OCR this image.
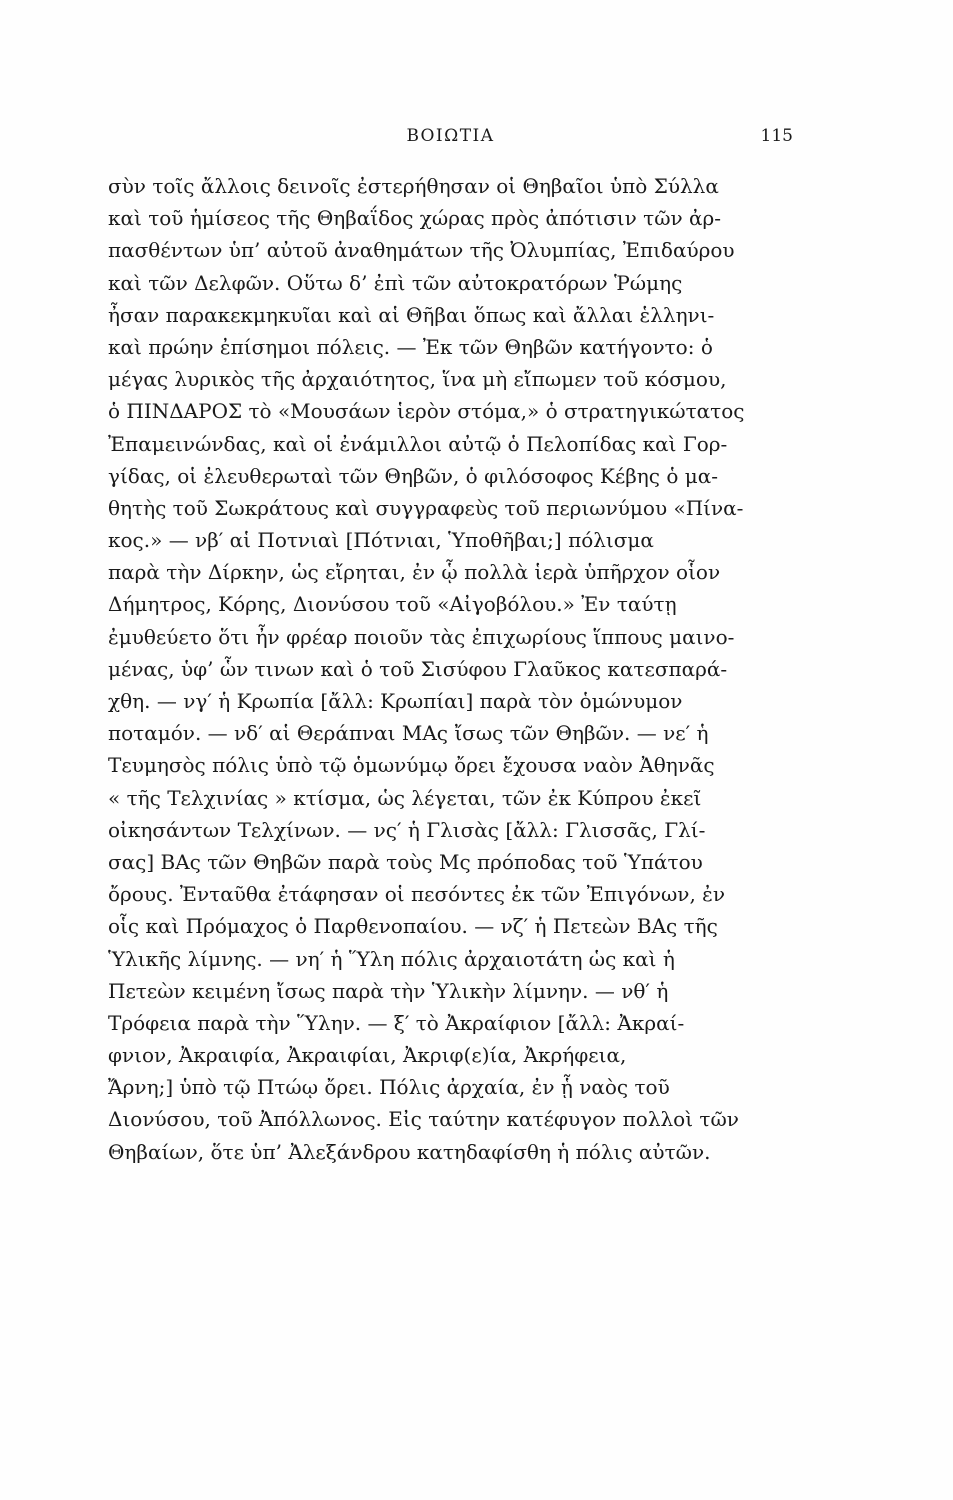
ΒΟΙΩΤΙΑ	115
σὺν τοῖς ἄλλοις δεινοῖς ἐστερήθησαν οἱ Θηβαῖοι ὑπὸ Σύλλα
καὶ τοῦ ἡμίσεος τῆς Θηβαΐδος χώρας πρὸς ἀπότισιν τῶν ἀρ-
πασθέντων ὑπ’ αὐτοῦ ἀναθημάτων τῆς Ὀλυμπίας, Ἐπιδαύρου
καὶ τῶν Δελφῶν. Οὕτω δ’ ἐπὶ τῶν αὐτοκρατόρων Ῥώμης
ἦσαν παρακεκμηκυῖαι καὶ αἱ Θῆβαι ὅπως καὶ ἄλλαι ἑλληνι-
καὶ πρώην ἐπίσημοι πόλεις. — Ἐκ τῶν Θηβῶν κατήγοντο: ὁ
μέγας λυρικὸς τῆς ἀρχαιότητος, ἵνα μὴ εἴπωμεν τοῦ κόσμου,
ὁ ΠΙΝΔΑΡΟΣ τὸ «Μουσάων ἱερὸν στόμα,» ὁ στρατηγικώτατος
Ἐπαμεινώνδας, καὶ οἱ ἐνάμιλλοι αὐτῷ ὁ Πελοπίδας καὶ Γορ-
γίδας, οἱ ἐλευθερωταὶ τῶν Θηβῶν, ὁ φιλόσοφος Κέβης ὁ μα-
θητὴς τοῦ Σωκράτους καὶ συγγραφεὺς τοῦ περιωνύμου «Πίνα-
κος.» — νβ′ αἱ Ποτνιαὶ [Πότνιαι, Ὑποθῆβαι;] πόλισμα
παρὰ τὴν Δίρκην, ὡς εἴρηται, ἐν ᾧ πολλὰ ἱερὰ ὑπῆρχον οἷον
Δήμητρος, Κόρης, Διονύσου τοῦ «Αἰγοβόλου.» Ἐν ταύτῃ
ἐμυθεύετο ὅτι ἦν φρέαρ ποιοῦν τὰς ἐπιχωρίους ἵππους μαινο-
μένας, ὑφ’ ὧν τινων καὶ ὁ τοῦ Σισύφου Γλαῦκος κατεσπαρά-
χθη. — νγ′ ἡ Κρωπία [ἄλλ: Κρωπίαι] παρὰ τὸν ὁμώνυμον
ποταμόν. — νδ′ αἱ Θεράπναι ΜΑς ἴσως τῶν Θηβῶν. — νε′ ἡ
Τευμησὸς πόλις ὑπὸ τῷ ὁμωνύμῳ ὄρει ἔχουσα ναὸν Ἀθηνᾶς
« τῆς Τελχινίας » κτίσμα, ὡς λέγεται, τῶν ἐκ Κύπρου ἐκεῖ
οἰκησάντων Τελχίνων. — νς′ ἡ Γλισὰς [ἄλλ: Γλισσᾶς, Γλί-
σας] ΒΑς τῶν Θηβῶν παρὰ τοὺς Μς πρόποδας τοῦ Ὑπάτου
ὄρους. Ἐνταῦθα ἐτάφησαν οἱ πεσόντες ἐκ τῶν Ἐπιγόνων, ἐν
οἷς καὶ Πρόμαχος ὁ Παρθενοπαίου. — νζ′ ἡ Πετεὼν ΒΑς τῆς
Ὑλικῆς λίμνης. — νη′ ἡ Ὕλη πόλις ἀρχαιοτάτη ὡς καὶ ἡ
Πετεὼν κειμένη ἴσως παρὰ τὴν Ὑλικὴν λίμνην. — νθ′ ἡ
Τρόφεια παρὰ τὴν Ὕλην. — ξ′ τὸ Ἀκραίφιον [ἄλλ: Ἀκραί-
φνιον, Ἀκραιφία, Ἀκραιφίαι, Ἀκριφ(ε)ία, Ἀκρήφεια,
Ἄρνη;] ὑπὸ τῷ Πτώῳ ὄρει. Πόλις ἀρχαία, ἐν ᾗ ναὸς τοῦ
Διονύσου, τοῦ Ἀπόλλωνος. Εἰς ταύτην κατέφυγον πολλοὶ τῶν
Θηβαίων, ὅτε ὑπ’ Ἀλεξάνδρου κατηδαφίσθη ἡ πόλις αὐτῶν.
